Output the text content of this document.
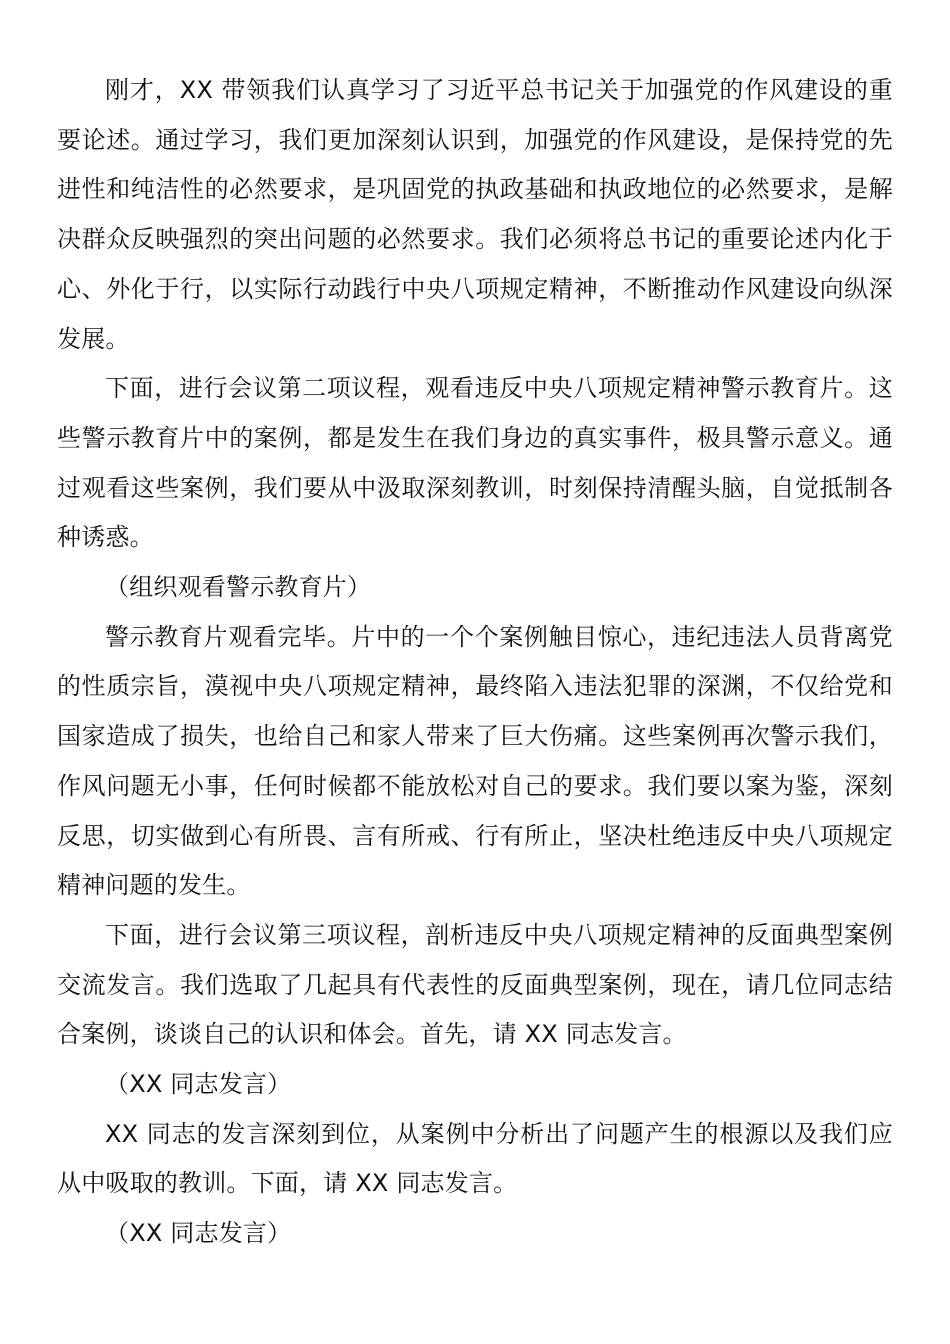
刚才，XX 带领我们认真学习了习近平总书记关于加强党的作风建设的重要论述。通过学习，我们更加深刻认识到，加强党的作风建设，是保持党的先进性和纯洁性的必然要求，是巩固党的执政基础和执政地位的必然要求，是解决群众反映强烈的突出问题的必然要求。我们必须将总书记的重要论述内化于心、外化于行，以实际行动践行中央八项规定精神，不断推动作风建设向纵深发展。

下面，进行会议第二项议程，观看违反中央八项规定精神警示教育片。这些警示教育片中的案例，都是发生在我们身边的真实事件，极具警示意义。通过观看这些案例，我们要从中汲取深刻教训，时刻保持清醒头脑，自觉抵制各种诱惑。

（组织观看警示教育片）

警示教育片观看完毕。片中的一个个案例触目惊心，违纪违法人员背离党的性质宗旨，漠视中央八项规定精神，最终陷入违法犯罪的深渊，不仅给党和国家造成了损失，也给自己和家人带来了巨大伤痛。这些案例再次警示我们，作风问题无小事，任何时候都不能放松对自己的要求。我们要以案为鉴，深刻反思，切实做到心有所畏、言有所戒、行有所止，坚决杜绝违反中央八项规定精神问题的发生。

下面，进行会议第三项议程，剖析违反中央八项规定精神的反面典型案例交流发言。我们选取了几起具有代表性的反面典型案例，现在，请几位同志结合案例，谈谈自己的认识和体会。首先，请 XX 同志发言。

（XX 同志发言）

XX 同志的发言深刻到位，从案例中分析出了问题产生的根源以及我们应从中吸取的教训。下面，请 XX 同志发言。

（XX 同志发言）
